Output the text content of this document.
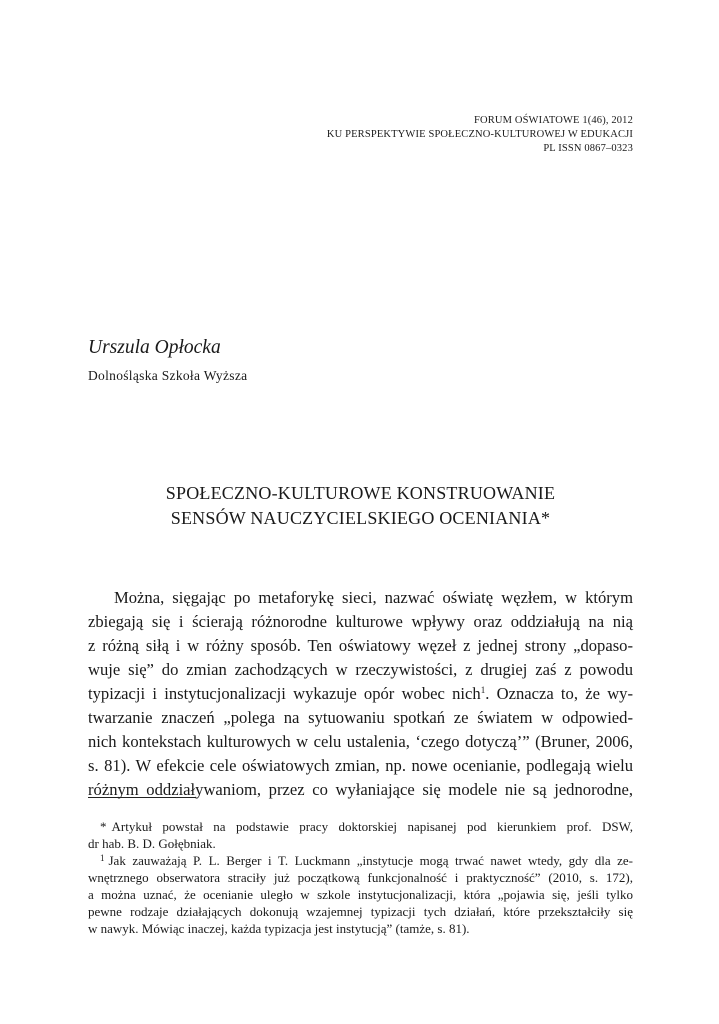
FORUM OŚWIATOWE 1(46), 2012
KU PERSPEKTYWIE SPOŁECZNO-KULTUROWEJ W EDUKACJI
PL ISSN 0867–0323
Urszula Opłocka
Dolnośląska Szkoła Wyższa
SPOŁECZNO-KULTUROWE KONSTRUOWANIE
SENSÓW NAUCZYCIELSKIEGO OCENIANIA*
Można, sięgając po metaforykę sieci, nazwać oświatę węzłem, w którym
zbiegają się i ścierają różnorodne kulturowe wpływy oraz oddziałują na nią
z różną siłą i w różny sposób. Ten oświatowy węzeł z jednej strony „dopaso-
wuje się” do zmian zachodzących w rzeczywistości, z drugiej zaś z powodu
typizacji i instytucjonalizacji wykazuje opór wobec nich$^1$. Oznacza to, że wy-
twarzanie znaczeń „polega na sytuowaniu spotkań ze światem w odpowied-
nich kontekstach kulturowych w celu ustalenia, ‘czego dotyczą’” (Bruner, 2006,
s. 81). W efekcie cele oświatowych zmian, np. nowe ocenianie, podlegają wielu
różnym oddziaływaniom, przez co wyłaniające się modele nie są jednorodne,
* Artykuł powstał na podstawie pracy doktorskiej napisanej pod kierunkiem prof. DSW,
dr hab. B. D. Gołębniak.
$^1$ Jak zauważają P. L. Berger i T. Luckmann „instytucje mogą trwać nawet wtedy, gdy dla ze-
wnętrznego obserwatora straciły już początkową funkcjonalność i praktyczność” (2010, s. 172),
a można uznać, że ocenianie uległo w szkole instytucjonalizacji, która „pojawia się, jeśli tylko
pewne rodzaje działających dokonują wzajemnej typizacji tych działań, które przekształciły się
w nawyk. Mówiąc inaczej, każda typizacja jest instytucją” (tamże, s. 81).
